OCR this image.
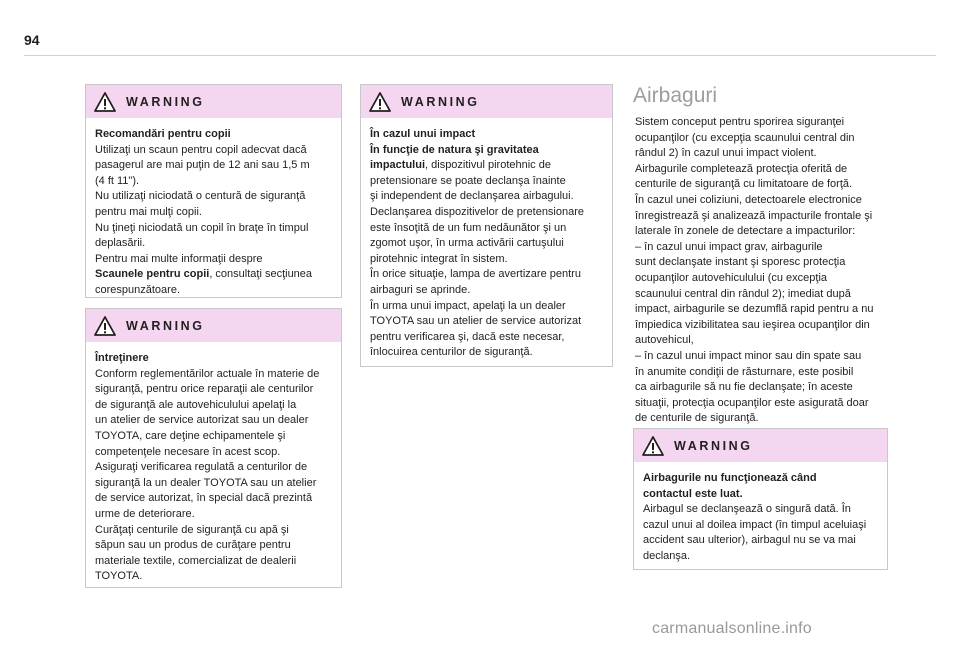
94
WARNING

Recomandări pentru copii

Utilizaţi un scaun pentru copil adecvat dacă

pasagerul are mai puţin de 12 ani sau 1,5 m

(4 ft 11").

Nu utilizaţi niciodată o centură de siguranţă

pentru mai mulţi copii.

Nu ţineţi niciodată un copil în braţe în timpul

deplasării.

Pentru mai multe informaţii despre

Scaunele pentru copii, consultaţi secţiunea

corespunzătoare.

WARNING

Întreţinere

Conform reglementărilor actuale în materie de

siguranţă, pentru orice reparaţii ale centurilor

de siguranţă ale autovehiculului apelaţi la

un atelier de service autorizat sau un dealer

TOYOTA, care deţine echipamentele şi

competenţele necesare în acest scop.

Asiguraţi verificarea regulată a centurilor de

siguranţă la un dealer TOYOTA sau un atelier

de service autorizat, în special dacă prezintă

urme de deteriorare.

Curăţaţi centurile de siguranţă cu apă şi

săpun sau un produs de curăţare pentru

materiale textile, comercializat de dealerii

TOYOTA.

WARNING

În cazul unui impact

În funcţie de natura şi gravitatea

impactului, dispozitivul pirotehnic de

pretensionare se poate declanşa înainte

şi independent de declanşarea airbagului.

Declanşarea dispozitivelor de pretensionare

este însoţită de un fum nedăunător şi un

zgomot uşor, în urma activării cartuşului

pirotehnic integrat în sistem.

În orice situaţie, lampa de avertizare pentru

airbaguri se aprinde.

În urma unui impact, apelaţi la un dealer

TOYOTA sau un atelier de service autorizat

pentru verificarea şi, dacă este necesar,

înlocuirea centurilor de siguranţă.

Airbaguri

Sistem conceput pentru sporirea siguranţei

ocupanţilor (cu excepţia scaunului central din

rândul 2) în cazul unui impact violent.

Airbagurile completează protecţia oferită de

centurile de siguranţă cu limitatoare de forţă.

În cazul unei coliziuni, detectoarele electronice

înregistrează şi analizează impacturile frontale şi

laterale în zonele de detectare a impacturilor:

– în cazul unui impact grav, airbagurile

sunt declanşate instant şi sporesc protecţia

ocupanţilor autovehiculului (cu excepţia

scaunului central din rândul 2); imediat după

impact, airbagurile se dezumflă rapid pentru a nu

împiedica vizibilitatea sau ieşirea ocupanţilor din

autovehicul,

– în cazul unui impact minor sau din spate sau

în anumite condiţii de răsturnare, este posibil

ca airbagurile să nu fie declanşate; în aceste

situaţii, protecţia ocupanţilor este asigurată doar

de centurile de siguranţă.

WARNING

Airbagurile nu funcţionează când

contactul este luat.

Airbagul se declanşează o singură dată. În

cazul unui al doilea impact (în timpul aceluiaşi

accident sau ulterior), airbagul nu se va mai

declanşa.

carmanualsonline.info
